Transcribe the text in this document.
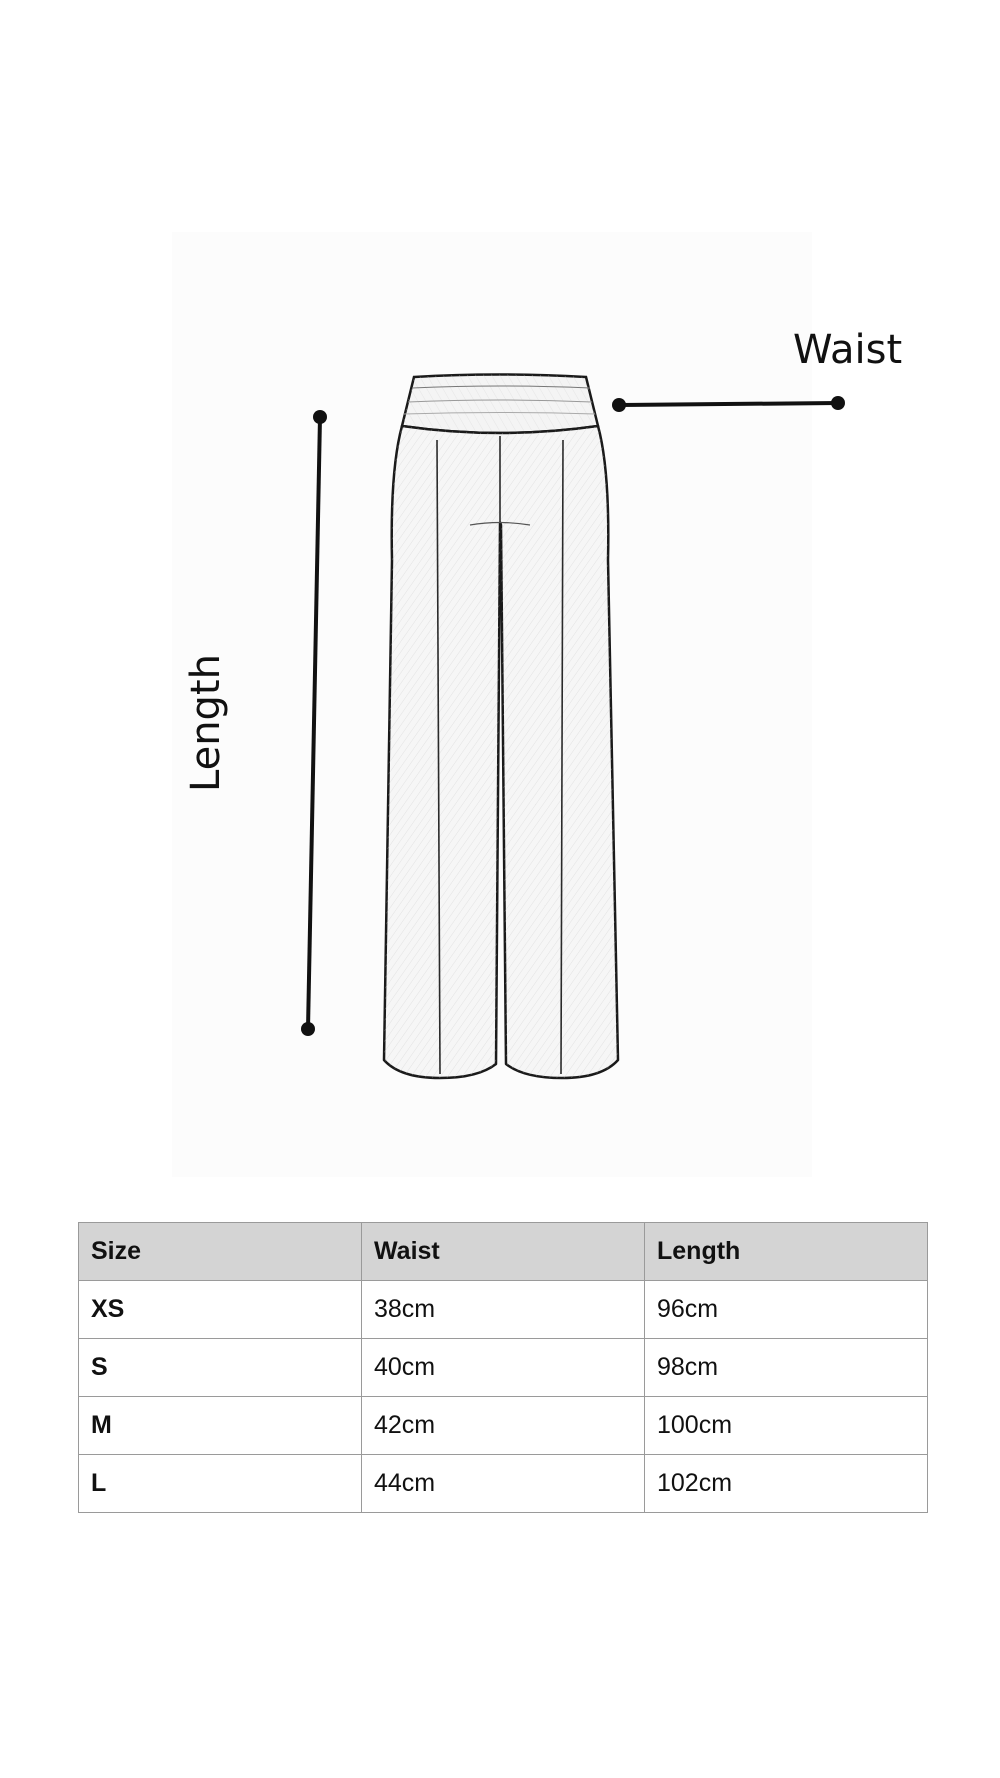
Waist
Length
Size	Waist	Length
XS	38cm	96cm
S	40cm	98cm
M	42cm	100cm
L	44cm	102cm
